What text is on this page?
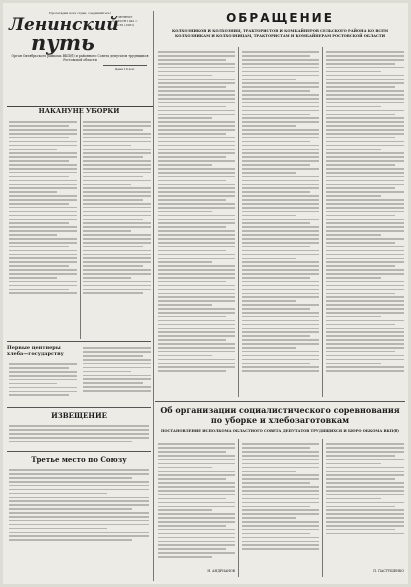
Пролетарии всех стран, соединяйтесь!
Ленинский
путь
Орган Октябрьского райкома ВКП(б) и районного Совета депутатов трудящихся Ростовской области
ЧЕТВЕРГ
3 ИЮЛЯ 1941 г.
№ 50 (1081)
Цена 10 коп.
ОБРАЩЕНИЕ
КОЛХОЗНИКОВ И КОЛХОЗНИЦ, ТРАКТОРИСТОВ И КОМБАЙНЕРОВ СЕЛЬСКОГО РАЙОНА КО ВСЕМ КОЛХОЗНИКАМ И КОЛХОЗНИЦАМ, ТРАКТОРИСТАМ И КОМБАЙНЕРАМ РОСТОВСКОЙ ОБЛАСТИ
НАКАНУНЕ УБОРКИ
Первые центнеры хлеба—государству
ИЗВЕЩЕНИЕ
Третье место по Союзу
Об организации социалистического соревнования по уборке и хлебозаготовкам
ПОСТАНОВЛЕНИЕ ИСПОЛКОМА ОБЛАСТНОГО СОВЕТА ДЕПУТАТОВ ТРУДЯЩИХСЯ И БЮРО ОБКОМА ВКП(б)
Н. АНДРИАНОВ	П. ПАСТУШЕНКО
